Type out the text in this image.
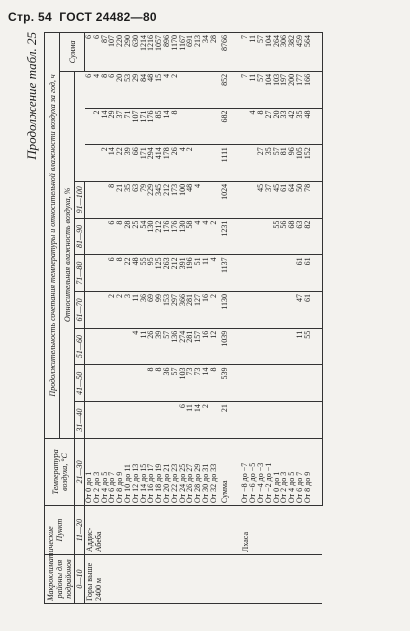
Стр. 54 ГОСТ 24482—80
Продолжение табл. 25
Макроклиматические районы для подрайонов	Пункт	Температура воздуха, °С	Продолжительность сочетания температуры и относительной влажности воздуха за год, ч										
			Относительная влажность воздуха, %										Сумма
0—10	11—20	21—30	31—40	41—50	51—60	61—70	71—80	81—90	91—100				
Горы выше 2400 м	Аддис-Абеба	От 0 до 1										6	6
		От 2 до 3									2	4	6
		От 4 до 5								2	14	8	87
		От 6 до 7				2	6	6	8	14	29	6	107
		От 8 до 9				2	8	8	21	22	37	20	220
		От 10 до 11				3	22	28	35	39	71	53	290
		От 12 до 13			4	11	48	25	63	66	107	29	630
		От 14 до 15			11	36	55	54	79	171	171	84	1214
		От 16 до 17		8	26	69	95	130	229	294	176	48	1216
		От 18 до 19		8	39	99	125	212	345	414	85	15	1057
		От 20 до 21		36	57	153	263	176	212	178	14	4	896
		От 22 до 23		57	136	297	212	176	173	26	8	2	1170
		От 24 до 25	6	103	274	366	391	130	100	4			1167
		От 26 до 27	11	73	281	281	196	58	48	2			691
		От 28 до 29	14	73	157	127	51	4	4				213
		От 30 до 31	2	14	16	16	11	4					34
		От 32 до 33		8	12	2	4	2					28
		Сумма	21	539	1039	1130	1137	1231	1024	1111	682	852	8766

	Лхаса	От −8 до −7										7	7
		От −6 до −5									4	11	11
		От −4 до −3							45	27	8	57	57
		От −2 до −1							37	35	27	104	104
		От 0 до 1						55	45	57	20	103	264
		От 2 до 3						56	61	81	33	197	306
		От 4 до 5						68	64	96	42	200	382
		От 6 до 7			11	47	61	63	50	105	35	177	459
		От 8 до 9			55	61	61	82	78	152	48	166	564
